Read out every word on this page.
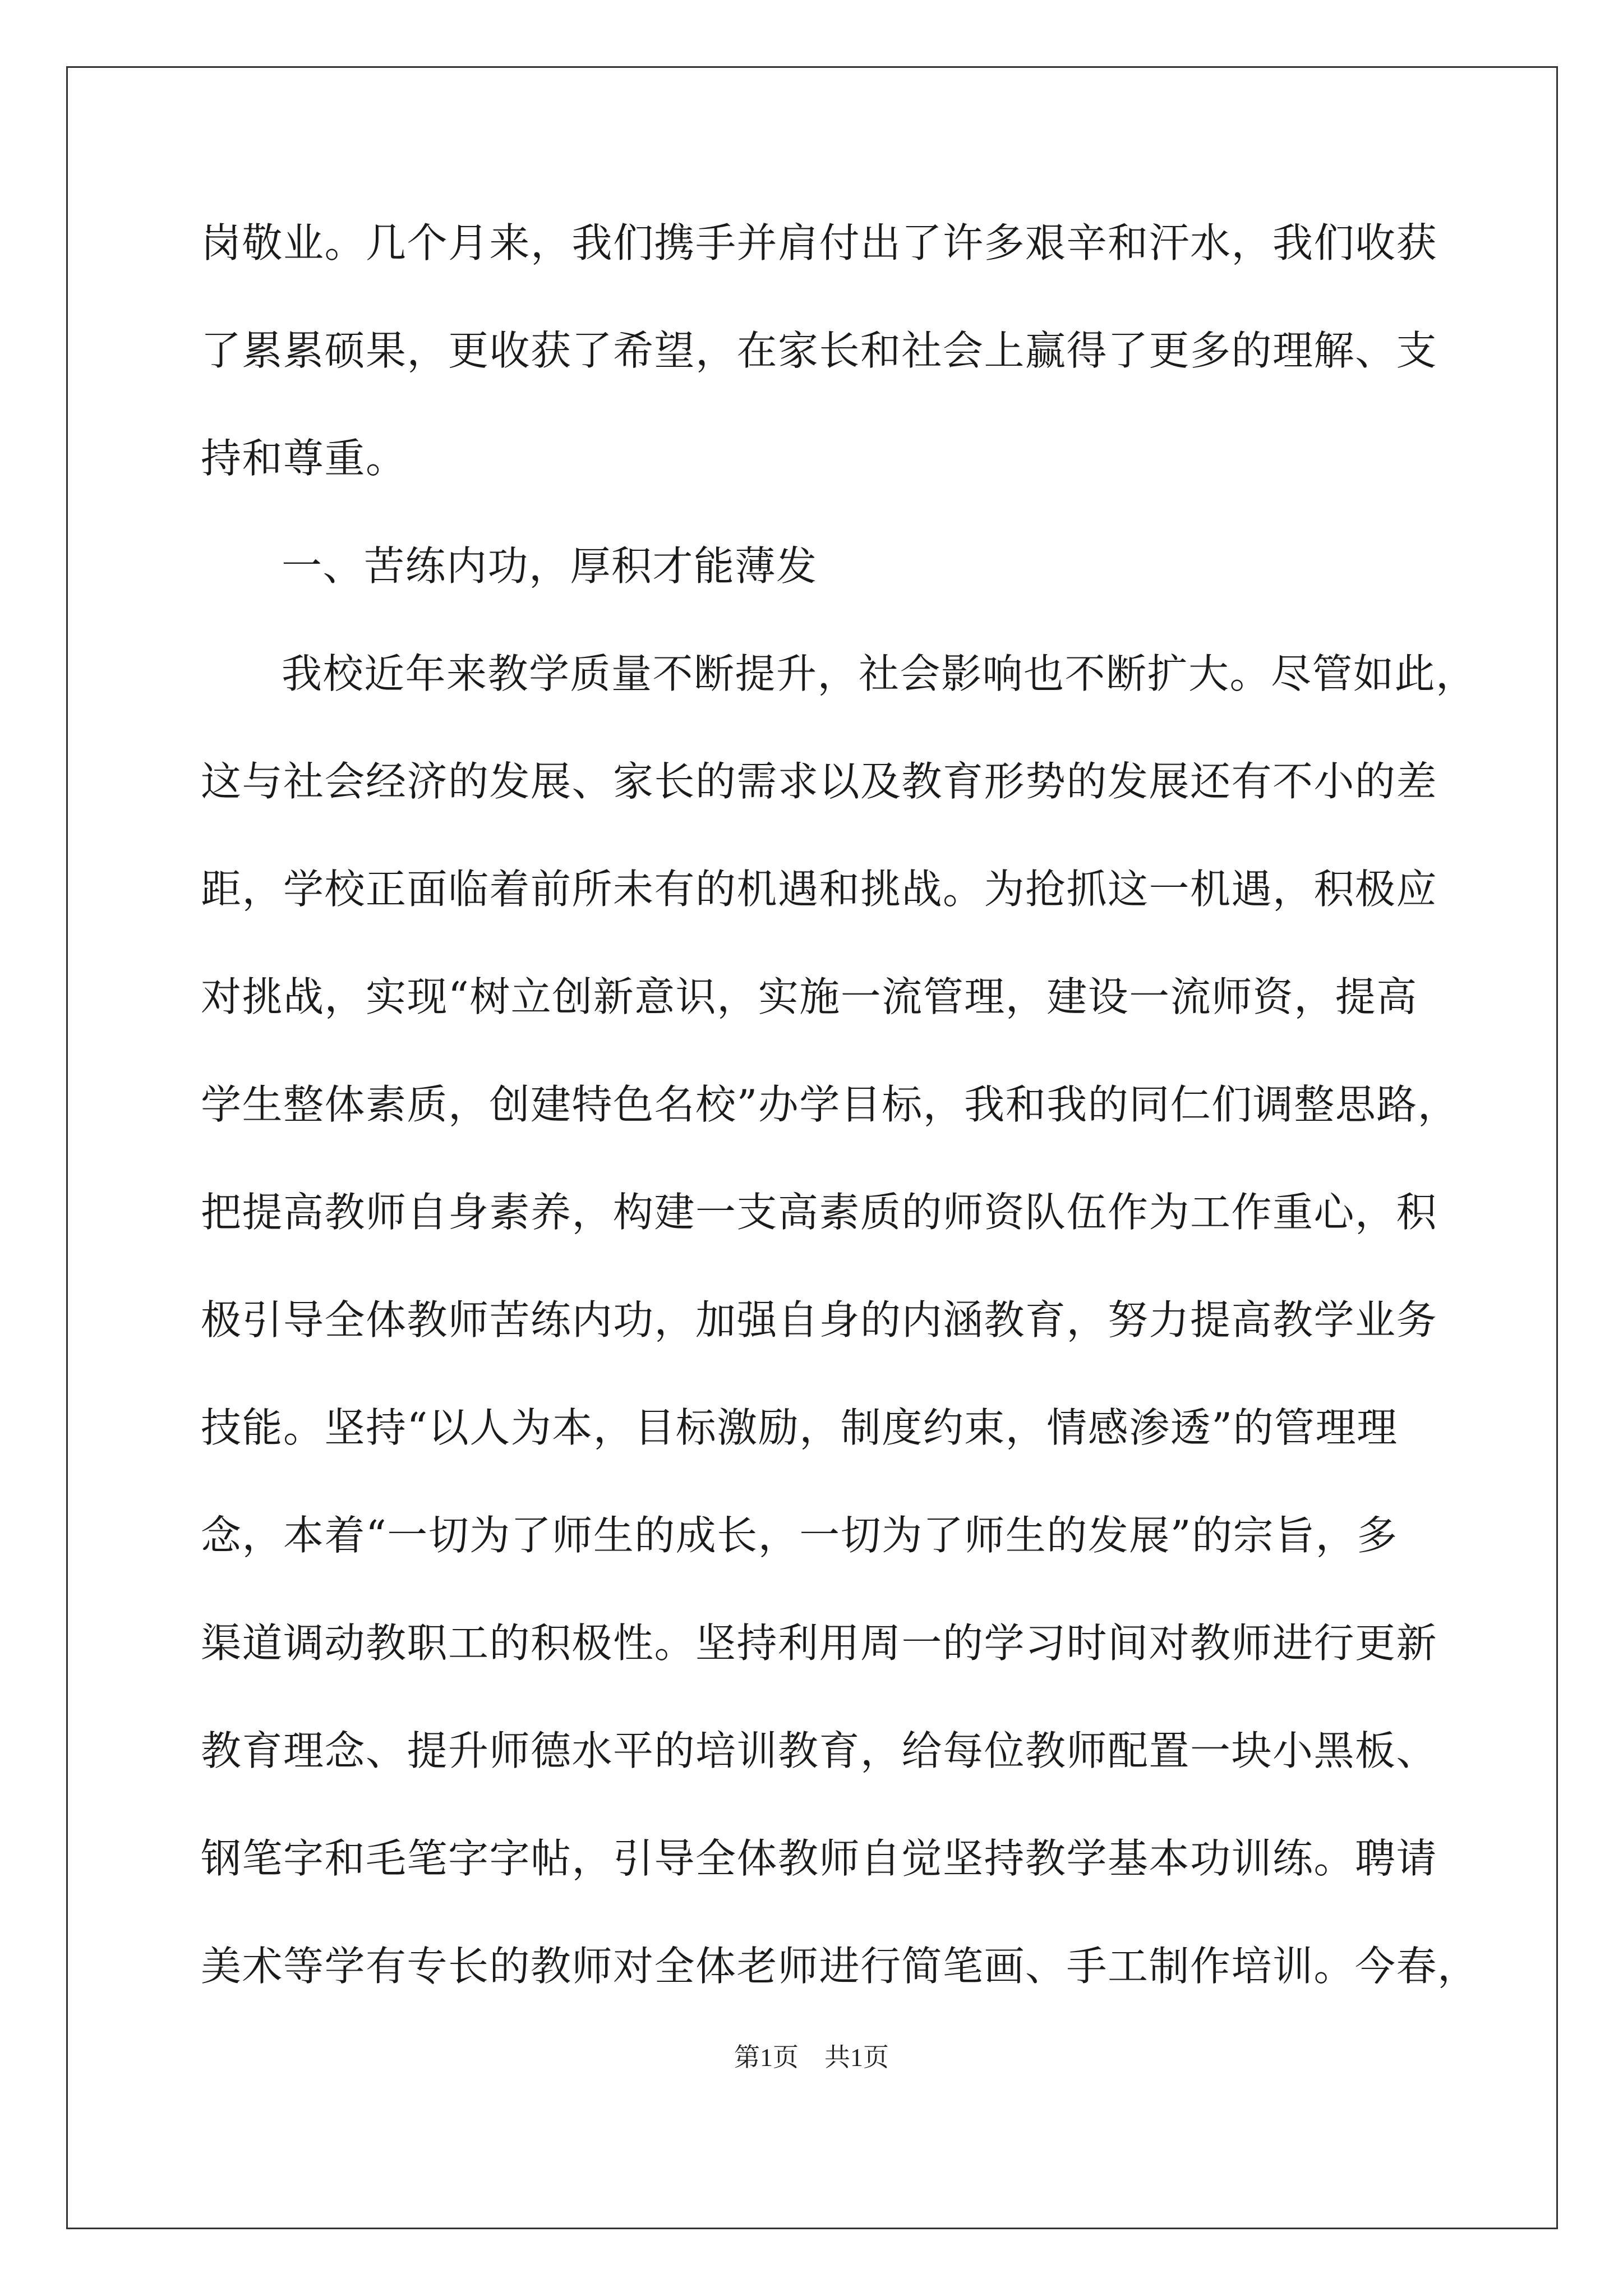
岗敬业。几个月来，我们携手并肩付出了许多艰辛和汗水，我们收获
了累累硕果，更收获了希望，在家长和社会上赢得了更多的理解、支
持和尊重。
一、苦练内功，厚积才能薄发
我校近年来教学质量不断提升，社会影响也不断扩大。尽管如此，
这与社会经济的发展、家长的需求以及教育形势的发展还有不小的差
距，学校正面临着前所未有的机遇和挑战。为抢抓这一机遇，积极应
对挑战，实现“树立创新意识，实施一流管理，建设一流师资，提高
学生整体素质，创建特色名校”办学目标，我和我的同仁们调整思路，
把提高教师自身素养，构建一支高素质的师资队伍作为工作重心，积
极引导全体教师苦练内功，加强自身的内涵教育，努力提高教学业务
技能。坚持“以人为本，目标激励，制度约束，情感渗透”的管理理
念，本着“一切为了师生的成长，一切为了师生的发展”的宗旨，多
渠道调动教职工的积极性。坚持利用周一的学习时间对教师进行更新
教育理念、提升师德水平的培训教育，给每位教师配置一块小黑板、
钢笔字和毛笔字字帖，引导全体教师自觉坚持教学基本功训练。聘请
美术等学有专长的教师对全体老师进行简笔画、手工制作培训。今春，
第1页　共1页
